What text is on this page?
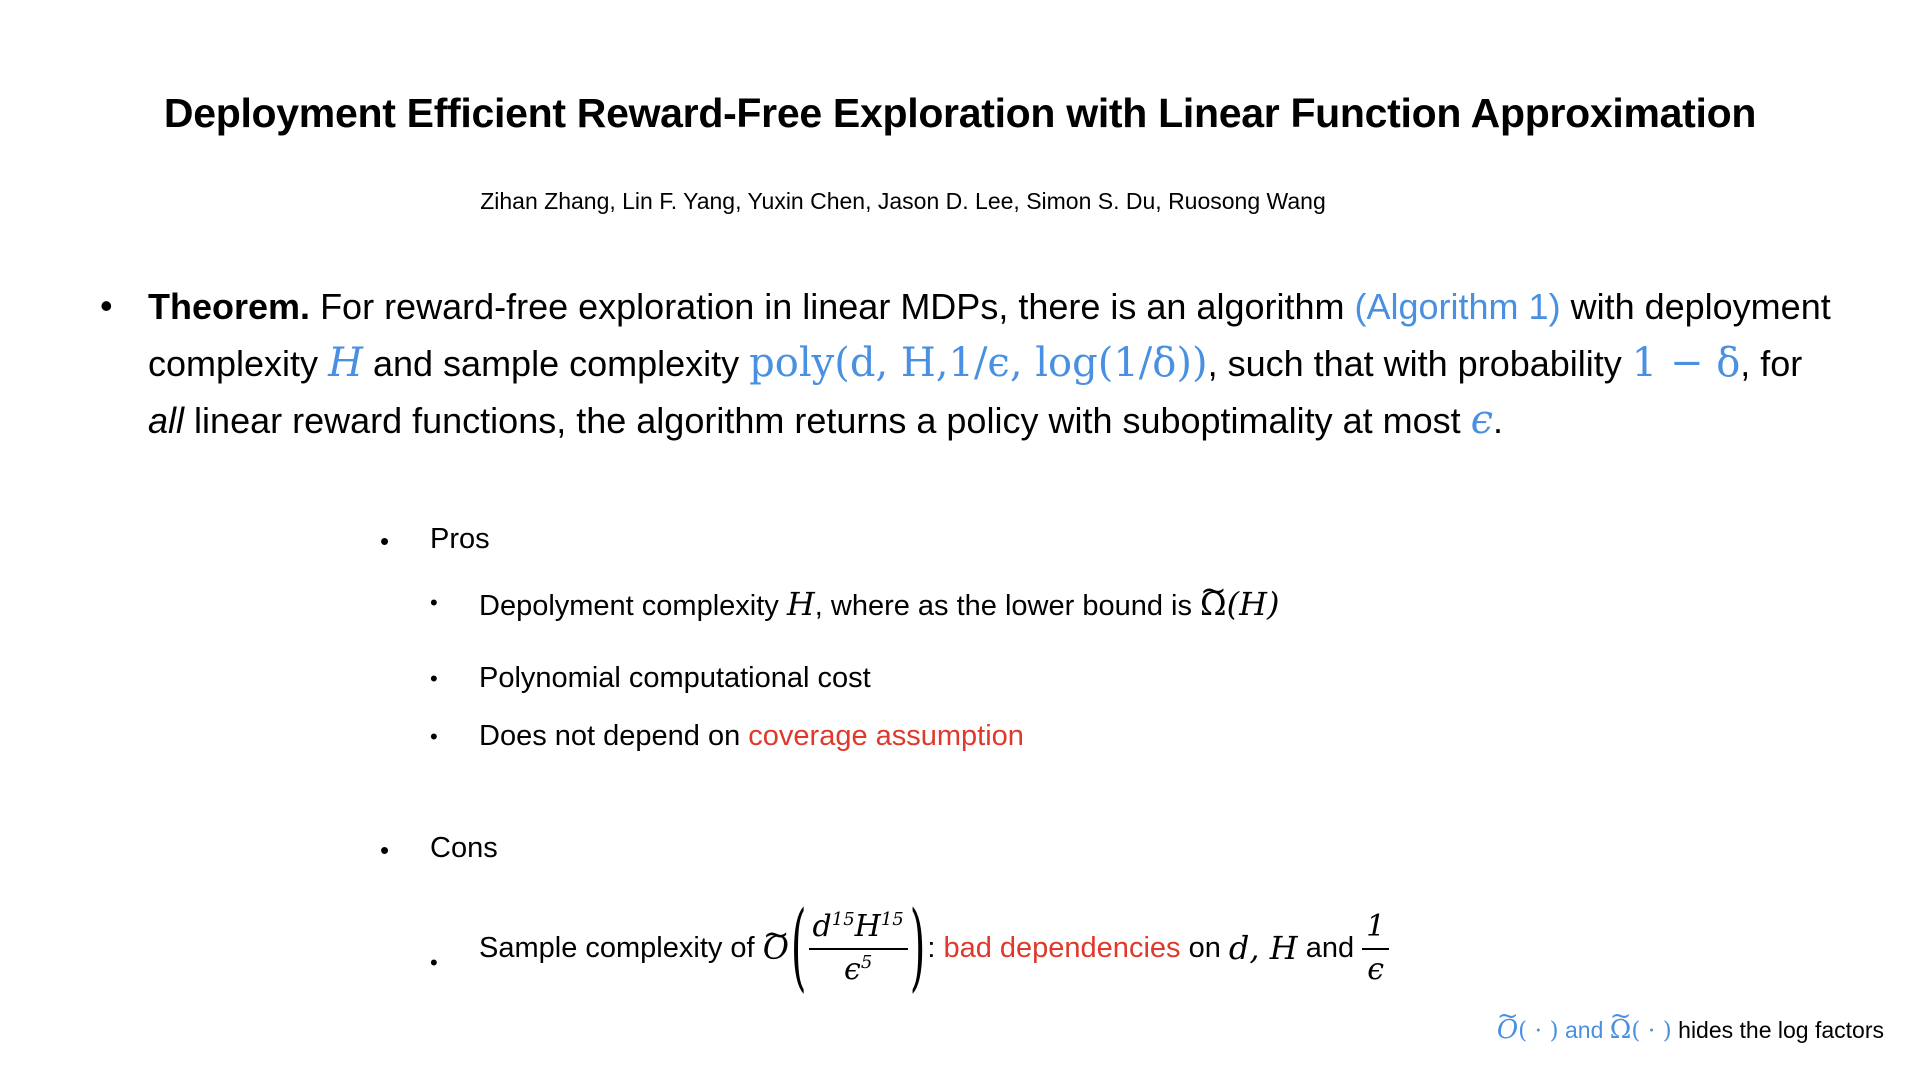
Deployment Efficient Reward-Free Exploration with Linear Function Approximation
Zihan Zhang, Lin F. Yang, Yuxin Chen, Jason D. Lee, Simon S. Du, Ruosong Wang
• Theorem. For reward-free exploration in linear MDPs, there is an algorithm (Algorithm 1) with deployment complexity H and sample complexity poly(d, H,1/ϵ, log(1/δ)), such that with probability 1 − δ, for all linear reward functions, the algorithm returns a policy with suboptimality at most ϵ.
• Pros
• Depolyment complexity H, where as the lower bound is ~ Ω(H)
• Polynomial computational cost
• Does not depend on coverage assumption
• Cons
• Sample complexity of
~ O ( $\frac{d^{15}H^{15}}{\epsilon^5}$ ) :
bad dependencies
on
d, H
and
$\frac{1}{\epsilon}$
~ O( ⋅ ) and ~ Ω( ⋅ ) hides the log factors
